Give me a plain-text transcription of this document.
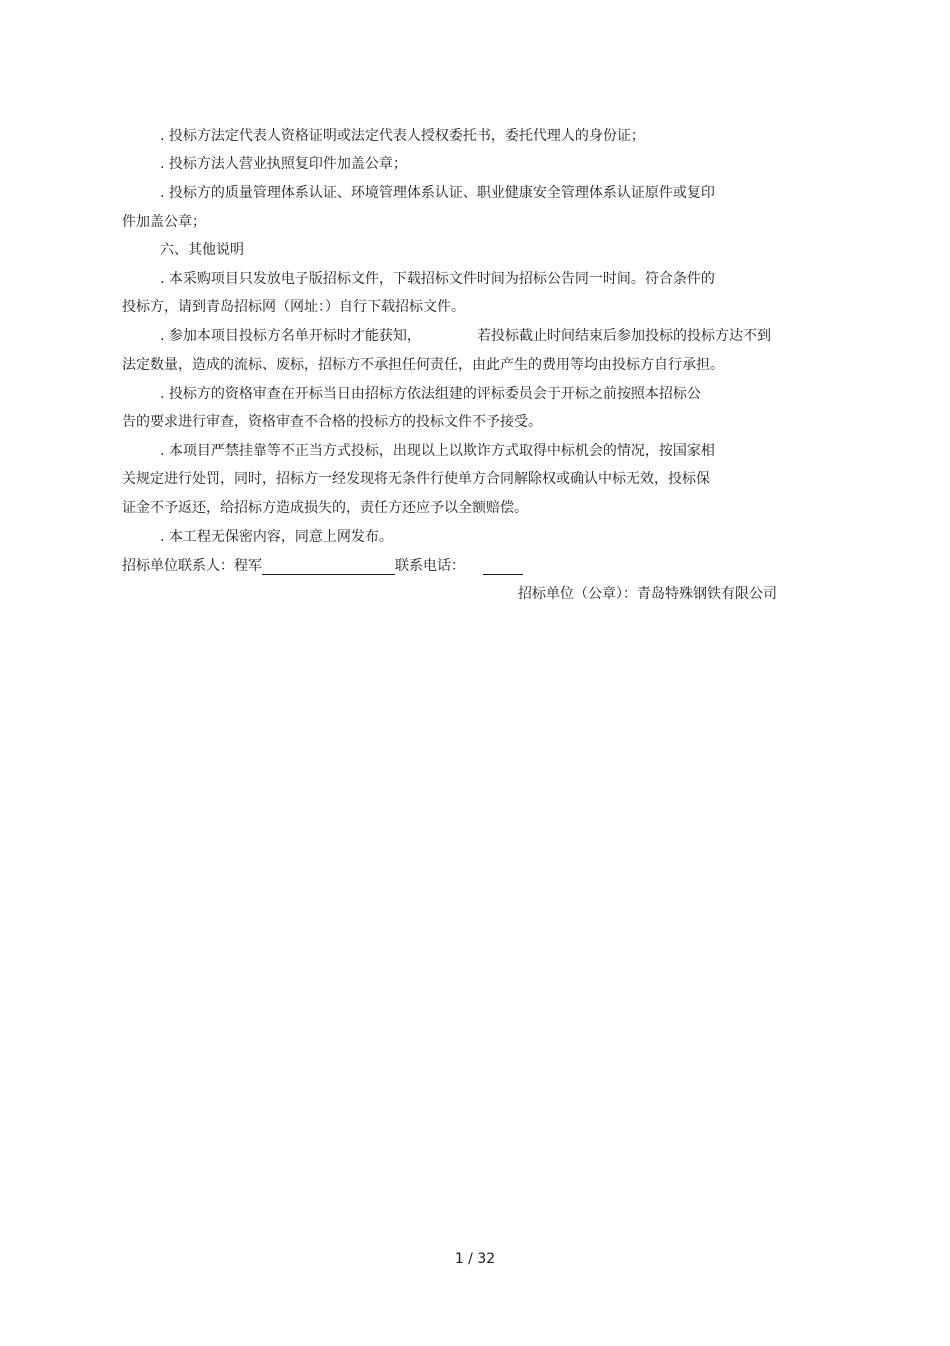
. 投标方法定代表人资格证明或法定代表人授权委托书，委托代理人的身份证；
. 投标方法人营业执照复印件加盖公章；
. 投标方的质量管理体系认证、环境管理体系认证、职业健康安全管理体系认证原件或复印
件加盖公章；
六、其他说明
. 本采购项目只发放电子版招标文件，下载招标文件时间为招标公告同一时间。符合条件的
投标方，请到青岛招标网（网址：）自行下载招标文件。
. 参加本项目投标方名单开标时才能获知，	若投标截止时间结束后参加投标的投标方达不到
法定数量，造成的流标、废标，招标方不承担任何责任，由此产生的费用等均由投标方自行承担。
. 投标方的资格审查在开标当日由招标方依法组建的评标委员会于开标之前按照本招标公
告的要求进行审查，资格审查不合格的投标方的投标文件不予接受。
. 本项目严禁挂靠等不正当方式投标，出现以上以欺诈方式取得中标机会的情况，按国家相
关规定进行处罚，同时，招标方一经发现将无条件行使单方合同解除权或确认中标无效，投标保
证金不予返还，给招标方造成损失的，责任方还应予以全额赔偿。
. 本工程无保密内容，同意上网发布。
招标单位联系人：程军	联系电话：
招标单位（公章）：青岛特殊钢铁有限公司
1 / 32
